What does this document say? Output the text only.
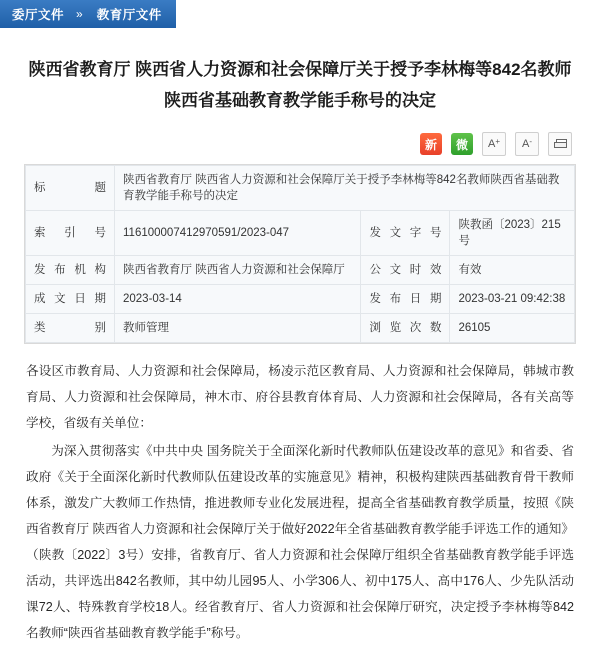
委厅文件	»	教育厅文件
陕西省教育厅 陕西省人力资源和社会保障厅关于授予李林梅等842名教师陕西省基础教育教学能手称号的决定
新	微	A+ A-
标　　题	陕西省教育厅 陕西省人力资源和社会保障厅关于授予李林梅等842名教师陕西省基础教育教学能手称号的决定		
索引号	116100007412970591/2023-047	发文字号	陕教函〔2023〕215号
发布机构	陕西省教育厅 陕西省人力资源和社会保障厅	公文时效	有效
成文日期	2023-03-14	发布日期	2023-03-21 09:42:38
类　　别	教师管理	浏览次数	26105

各设区市教育局、人力资源和社会保障局，杨凌示范区教育局、人力资源和社会保障局，韩城市教育局、人力资源和社会保障局，神木市、府谷县教育体育局、人力资源和社会保障局，各有关高等学校，省级有关单位：

为深入贯彻落实《中共中央 国务院关于全面深化新时代教师队伍建设改革的意见》和省委、省政府《关于全面深化新时代教师队伍建设改革的实施意见》精神，积极构建陕西基础教育骨干教师体系，激发广大教师工作热情，推进教师专业化发展进程，提高全省基础教育教学质量，按照《陕西省教育厅 陕西省人力资源和社会保障厅关于做好2022年全省基础教育教学能手评选工作的通知》（陕教〔2022〕3号）安排，省教育厅、省人力资源和社会保障厅组织全省基础教育教学能手评选活动，共评选出842名教师，其中幼儿园95人、小学306人、初中175人、高中176人、少先队活动课72人、特殊教育学校18人。经省教育厅、省人力资源和社会保障厅研究，决定授予李林梅等842名教师“陕西省基础教育教学能手”称号。
